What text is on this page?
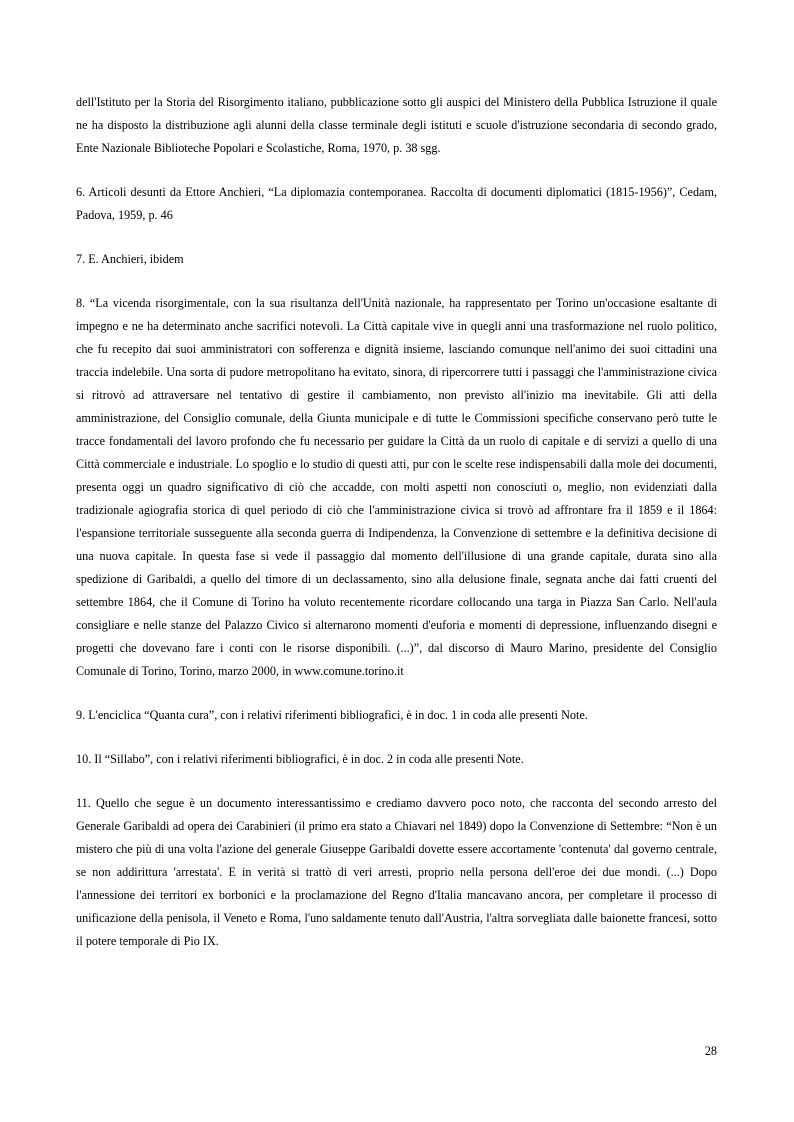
dell'Istituto per la Storia del Risorgimento italiano, pubblicazione sotto gli auspici del Ministero della Pubblica Istruzione il quale ne ha disposto la distribuzione agli alunni della classe terminale degli istituti e scuole d'istruzione secondaria di secondo grado, Ente Nazionale Biblioteche Popolari e Scolastiche, Roma, 1970, p. 38 sgg.

6. Articoli desunti da Ettore Anchieri, “La diplomazia contemporanea. Raccolta di documenti diplomatici (1815-1956)”, Cedam, Padova, 1959, p. 46

7. E. Anchieri, ibidem

8. “La vicenda risorgimentale, con la sua risultanza dell'Unità nazionale, ha rappresentato per Torino un'occasione esaltante di impegno e ne ha determinato anche sacrifici notevoli. La Città capitale vive in quegli anni una trasformazione nel ruolo politico, che fu recepito dai suoi amministratori con sofferenza e dignità insieme, lasciando comunque nell'animo dei suoi cittadini una traccia indelebile. Una sorta di pudore metropolitano ha evitato, sinora, di ripercorrere tutti i passaggi che l'amministrazione civica si ritrovò ad attraversare nel tentativo di gestire il cambiamento, non previsto all'inizio ma inevitabile. Gli atti della amministrazione, del Consiglio comunale, della Giunta municipale e di tutte le Commissioni specifiche conservano però tutte le tracce fondamentali del lavoro profondo che fu necessario per guidare la Città da un ruolo di capitale e di servizi a quello di una Città commerciale e industriale. Lo spoglio e lo studio di questi atti, pur con le scelte rese indispensabili dalla mole dei documenti, presenta oggi un quadro significativo di ciò che accadde, con molti aspetti non conosciuti o, meglio, non evidenziati dalla tradizionale agiografia storica di quel periodo di ciò che l'amministrazione civica si trovò ad affrontare fra il 1859 e il 1864: l'espansione territoriale susseguente alla seconda guerra di Indipendenza, la Convenzione di settembre e la definitiva decisione di una nuova capitale. In questa fase si vede il passaggio dal momento dell'illusione di una grande capitale, durata sino alla spedizione di Garibaldi, a quello del timore di un declassamento, sino alla delusione finale, segnata anche dai fatti cruenti del settembre 1864, che il Comune di Torino ha voluto recentemente ricordare collocando una targa in Piazza San Carlo. Nell'aula consigliare e nelle stanze del Palazzo Civico si alternarono momenti d'euforia e momenti di depressione, influenzando disegni e progetti che dovevano fare i conti con le risorse disponibili. (...)”, dal discorso di Mauro Marino, presidente del Consiglio Comunale di Torino, Torino, marzo 2000, in www.comune.torino.it

9. L'enciclica “Quanta cura”, con i relativi riferimenti bibliografici, è in doc. 1 in coda alle presenti Note.

10. Il “Sillabo”, con i relativi riferimenti bibliografici, è in doc. 2 in coda alle presenti Note.

11. Quello che segue è un documento interessantissimo e crediamo davvero poco noto, che racconta del secondo arresto del Generale Garibaldi ad opera dei Carabinieri (il primo era stato a Chiavari nel 1849) dopo la Convenzione di Settembre: “Non è un mistero che più di una volta l'azione del generale Giuseppe Garibaldi dovette essere accortamente 'contenuta' dal governo centrale, se non addirittura 'arrestata'. E in verità si trattò di veri arresti, proprio nella persona dell'eroe dei due mondi. (...) Dopo l'annessione dei territori ex borbonici e la proclamazione del Regno d'Italia mancavano ancora, per completare il processo di unificazione della penisola, il Veneto e Roma, l'uno saldamente tenuto dall'Austria, l'altra sorvegliata dalle baionette francesi, sotto il potere temporale di Pio IX.

28
